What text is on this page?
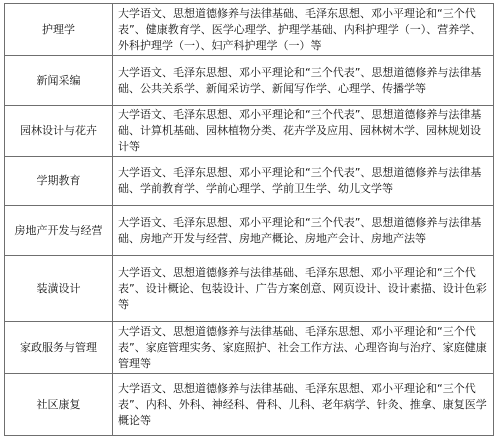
护理学	大学语文、思想道德修养与法律基础、毛泽东思想、邓小平理论和“三个代表”、健康教育学、医学心理学、护理学基础、内科护理学（一）、营养学、外科护理学（一）、妇产科护理学（一）等
新闻采编	大学语文、毛泽东思想、邓小平理论和“三个代表”、思想道德修养与法律基础、公共关系学、新闻采访学、新闻写作学、心理学、传播学等
园林设计与花卉	大学语文、毛泽东思想、邓小平理论和“三个代表”、思想道德修养与法律基础、计算机基础、园林植物分类、花卉学及应用、园林树木学、园林规划设计等
学期教育	大学语文、毛泽东思想、邓小平理论和“三个代表”、思想道德修养与法律基础、学前教育学、学前心理学、学前卫生学、幼儿文学等
房地产开发与经营	大学语文、毛泽东思想、邓小平理论和“三个代表”、思想道德修养与法律基础、房地产开发与经营、房地产概论、房地产会计、房地产法等
装潢设计	大学语文、思想道德修养与法律基础、毛泽东思想、邓小平理论和“三个代表”、设计概论、包装设计、广告方案创意、网页设计、设计素描、设计色彩等
家政服务与管理	大学语文、思想道德修养与法律基础、毛泽东思想、邓小平理论和“三个代表”、家庭管理实务、家庭照护、社会工作方法、心理咨询与治疗、家庭健康管理等
社区康复	大学语文、思想道德修养与法律基础、毛泽东思想、邓小平理论和“三个代表”、内科、外科、神经科、骨科、儿科、老年病学、针灸、推拿、康复医学概论等
